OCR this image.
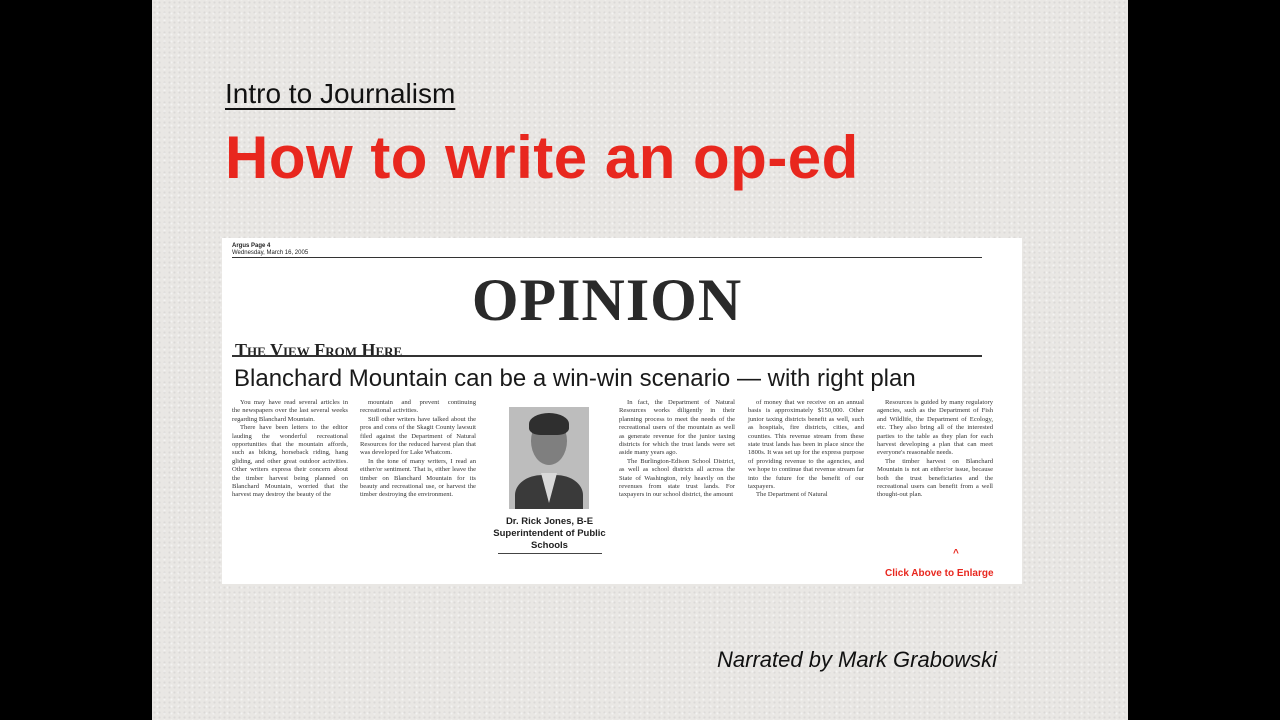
Intro to Journalism
How to write an op-ed
Argus Page 4
Wednesday, March 16, 2005
OPINION
The View From Here
Blanchard Mountain can be a win-win scenario — with right plan

You may have read several articles in the newspapers over the last several weeks regarding Blanchard Mountain.

There have been letters to the editor lauding the wonderful recreational opportunities that the mountain affords, such as biking, horseback riding, hang gliding, and other great outdoor activities. Other writers express their concern about the timber harvest being planned on Blanchard Mountain, worried that the harvest may destroy the beauty of the

mountain and prevent continuing recreational activities.

Still other writers have talked about the pros and cons of the Skagit County lawsuit filed against the Department of Natural Resources for the reduced harvest plan that was developed for Lake Whatcom.

In the tone of many writers, I read an either/or sentiment. That is, either leave the timber on Blanchard Mountain for its beauty and recreational use, or harvest the timber destroying the environment.

Dr. Rick Jones, B-E
Superintendent of Public Schools

In fact, the Department of Natural Resources works diligently in their planning process to meet the needs of the recreational users of the mountain as well as generate revenue for the junior taxing districts for which the trust lands were set aside many years ago.

The Burlington-Edison School District, as well as school districts all across the State of Washington, rely heavily on the revenues from state trust lands. For taxpayers in our school district, the amount

of money that we receive on an annual basis is approximately $150,000. Other junior taxing districts benefit as well, such as hospitals, fire districts, cities, and counties. This revenue stream from these state trust lands has been in place since the 1800s. It was set up for the express purpose of providing revenue to the agencies, and we hope to continue that revenue stream far into the future for the benefit of our taxpayers.

The Department of Natural

Resources is guided by many regulatory agencies, such as the Department of Fish and Wildlife, the Department of Ecology, etc. They also bring all of the interested parties to the table as they plan for each harvest developing a plan that can meet everyone's reasonable needs.

The timber harvest on Blanchard Mountain is not an either/or issue, because both the trust beneficiaries and the recreational users can benefit from a well thought-out plan.

^
Click Above to Enlarge
Narrated by Mark Grabowski
